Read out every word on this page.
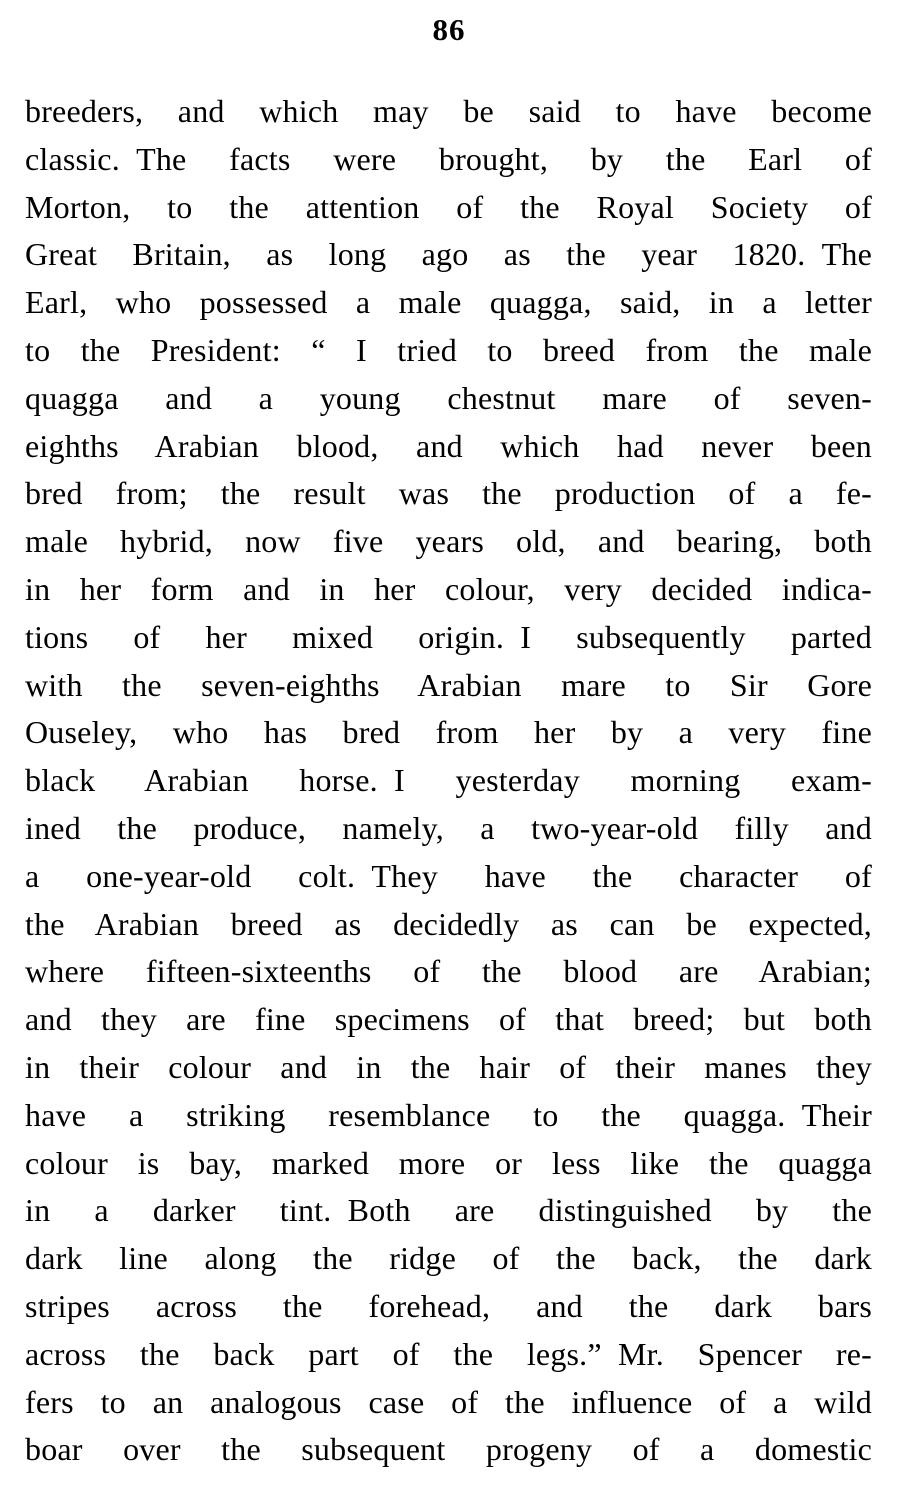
86
breeders, and which may be said to have become
classic. The facts were brought, by the Earl of
Morton, to the attention of the Royal Society of
Great Britain, as long ago as the year 1820. The
Earl, who possessed a male quagga, said, in a letter
to the President: “ I tried to breed from the male
quagga and a young chestnut mare of seven-
eighths Arabian blood, and which had never been
bred from; the result was the production of a fe-
male hybrid, now five years old, and bearing, both
in her form and in her colour, very decided indica-
tions of her mixed origin. I subsequently parted
with the seven-eighths Arabian mare to Sir Gore
Ouseley, who has bred from her by a very fine
black Arabian horse. I yesterday morning exam-
ined the produce, namely, a two-year-old filly and
a one-year-old colt. They have the character of
the Arabian breed as decidedly as can be expected,
where fifteen-sixteenths of the blood are Arabian;
and they are fine specimens of that breed; but both
in their colour and in the hair of their manes they
have a striking resemblance to the quagga. Their
colour is bay, marked more or less like the quagga
in a darker tint. Both are distinguished by the
dark line along the ridge of the back, the dark
stripes across the forehead, and the dark bars
across the back part of the legs.” Mr. Spencer re-
fers to an analogous case of the influence of a wild
boar over the subsequent progeny of a domestic
